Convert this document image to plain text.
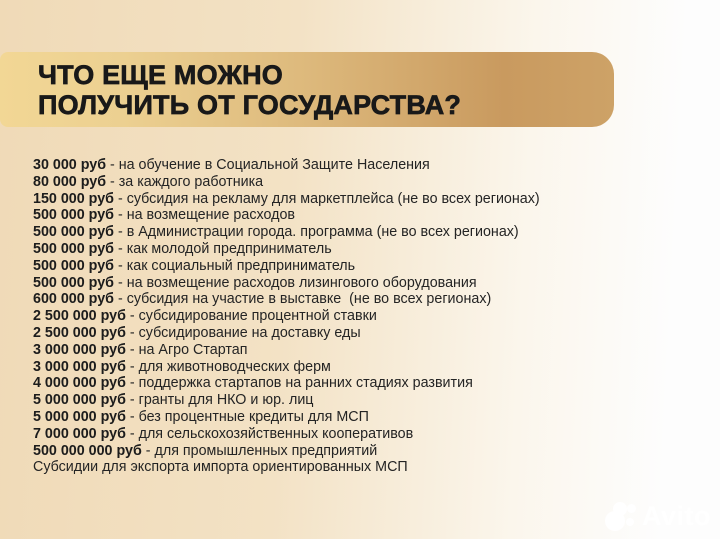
ЧТО ЕЩЕ МОЖНО
ПОЛУЧИТЬ ОТ ГОСУДАРСТВА?
30 000 руб - на обучение в Социальной Защите Населения
80 000 руб - за каждого работника
150 000 руб - субсидия на рекламу для маркетплейса (не во всех регионах)
500 000 руб - на возмещение расходов
500 000 руб - в Администрации города. программа (не во всех регионах)
500 000 руб - как молодой предприниматель
500 000 руб - как социальный предприниматель
500 000 руб - на возмещение расходов лизингового оборудования
600 000 руб - субсидия на участие в выставке  (не во всех регионах)
2 500 000 руб - субсидирование процентной ставки
2 500 000 руб - субсидирование на доставку еды
3 000 000 руб - на Агро Стартап
3 000 000 руб - для животноводческих ферм
4 000 000 руб - поддержка стартапов на ранних стадиях развития
5 000 000 руб - гранты для НКО и юр. лиц
5 000 000 руб - без процентные кредиты для МСП
7 000 000 руб - для сельскохозяйственных кооперативов
500 000 000 руб - для промышленных предприятий
Субсидии для экспорта импорта ориентированных МСП
Avito
